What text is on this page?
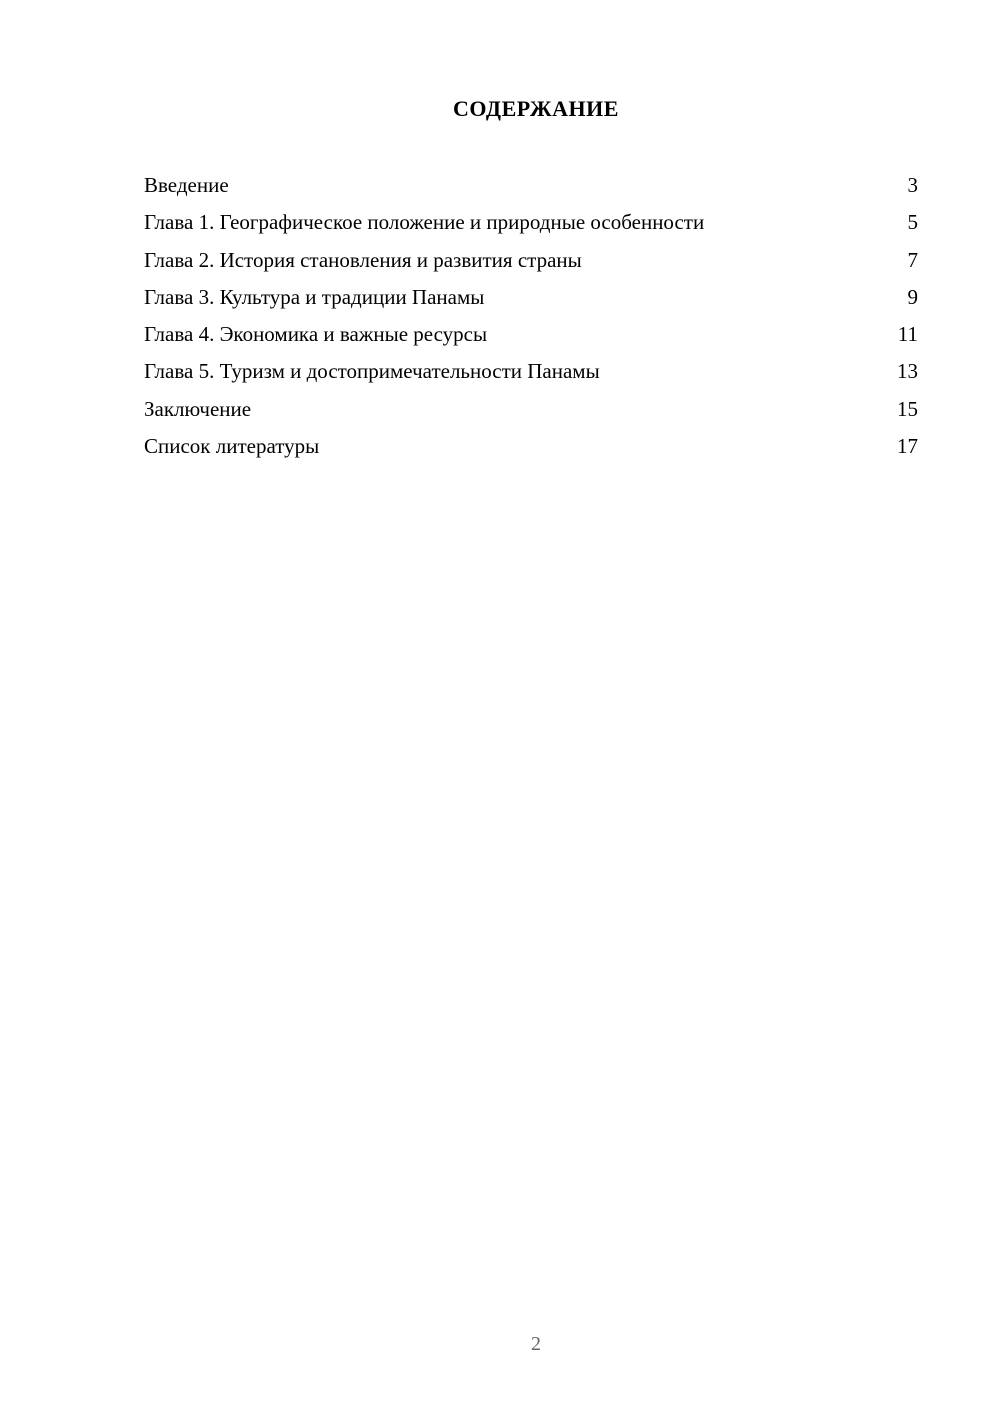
СОДЕРЖАНИЕ
Введение	3
Глава 1. Географическое положение и природные особенности	5
Глава 2. История становления и развития страны	7
Глава 3. Культура и традиции Панамы	9
Глава 4. Экономика и важные ресурсы	11
Глава 5. Туризм и достопримечательности Панамы	13
Заключение	15
Список литературы	17
2
